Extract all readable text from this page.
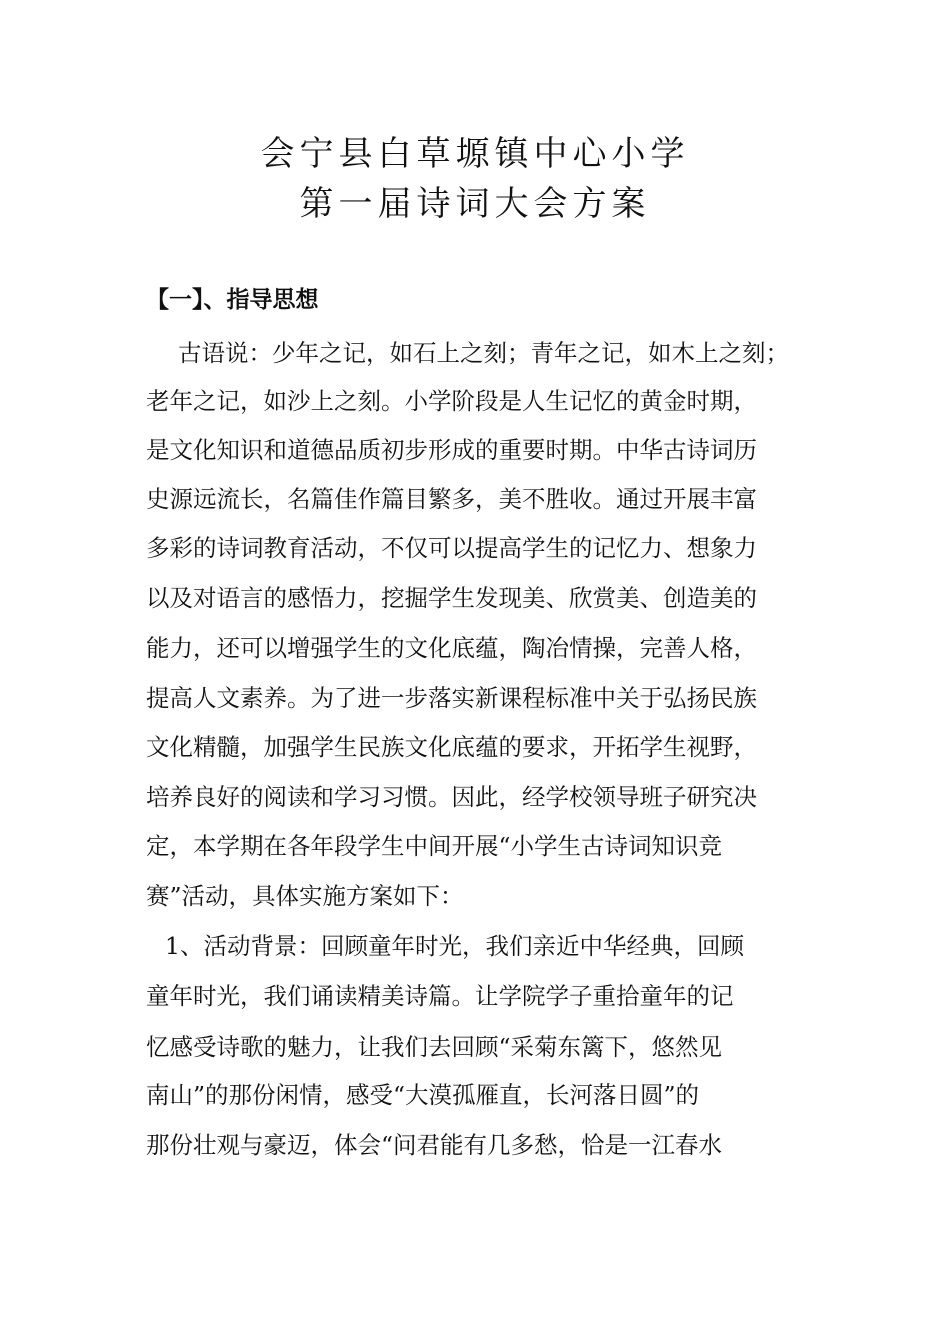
会宁县白草塬镇中心小学
第一届诗词大会方案
【一】、指导思想
古语说：少年之记，如石上之刻；青年之记，如木上之刻；
老年之记，如沙上之刻。小学阶段是人生记忆的黄金时期，
是文化知识和道德品质初步形成的重要时期。中华古诗词历
史源远流长，名篇佳作篇目繁多，美不胜收。通过开展丰富
多彩的诗词教育活动，不仅可以提高学生的记忆力、想象力
以及对语言的感悟力，挖掘学生发现美、欣赏美、创造美的
能力，还可以增强学生的文化底蕴，陶冶情操，完善人格，
提高人文素养。为了进一步落实新课程标准中关于弘扬民族
文化精髓，加强学生民族文化底蕴的要求，开拓学生视野，
培养良好的阅读和学习习惯。因此，经学校领导班子研究决
定，本学期在各年段学生中间开展“小学生古诗词知识竞
赛”活动，具体实施方案如下：
1、活动背景：回顾童年时光，我们亲近中华经典，回顾
童年时光，我们诵读精美诗篇。让学院学子重拾童年的记
忆感受诗歌的魅力，让我们去回顾“采菊东篱下，悠然见
南山”的那份闲情，感受“大漠孤雁直，长河落日圆”的
那份壮观与豪迈，体会“问君能有几多愁，恰是一江春水
